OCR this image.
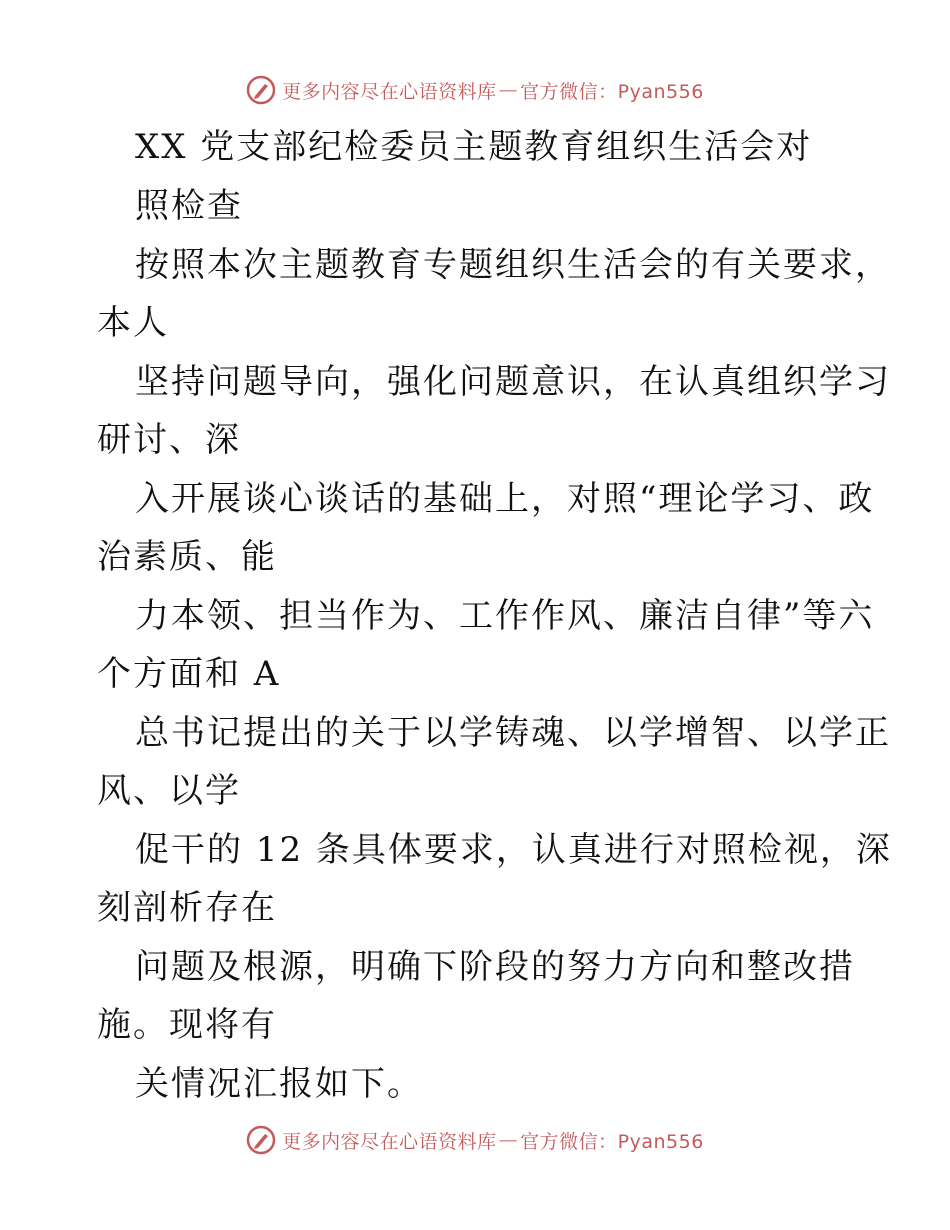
更多内容尽在心语资料库 — 官方微信：Pyan556
XX 党支部纪检委员主题教育组织生活会对
照检查
按照本次主题教育专题组织生活会的有关要求，
本人
坚持问题导向，强化问题意识，在认真组织学习
研讨、深
入开展谈心谈话的基础上，对照“理论学习、政
治素质、能
力本领、担当作为、工作作风、廉洁自律”等六
个方面和 A
总书记提出的关于以学铸魂、以学增智、以学正
风、以学
促干的 12 条具体要求，认真进行对照检视，深
刻剖析存在
问题及根源，明确下阶段的努力方向和整改措
施。现将有
关情况汇报如下。
更多内容尽在心语资料库 — 官方微信：Pyan556
